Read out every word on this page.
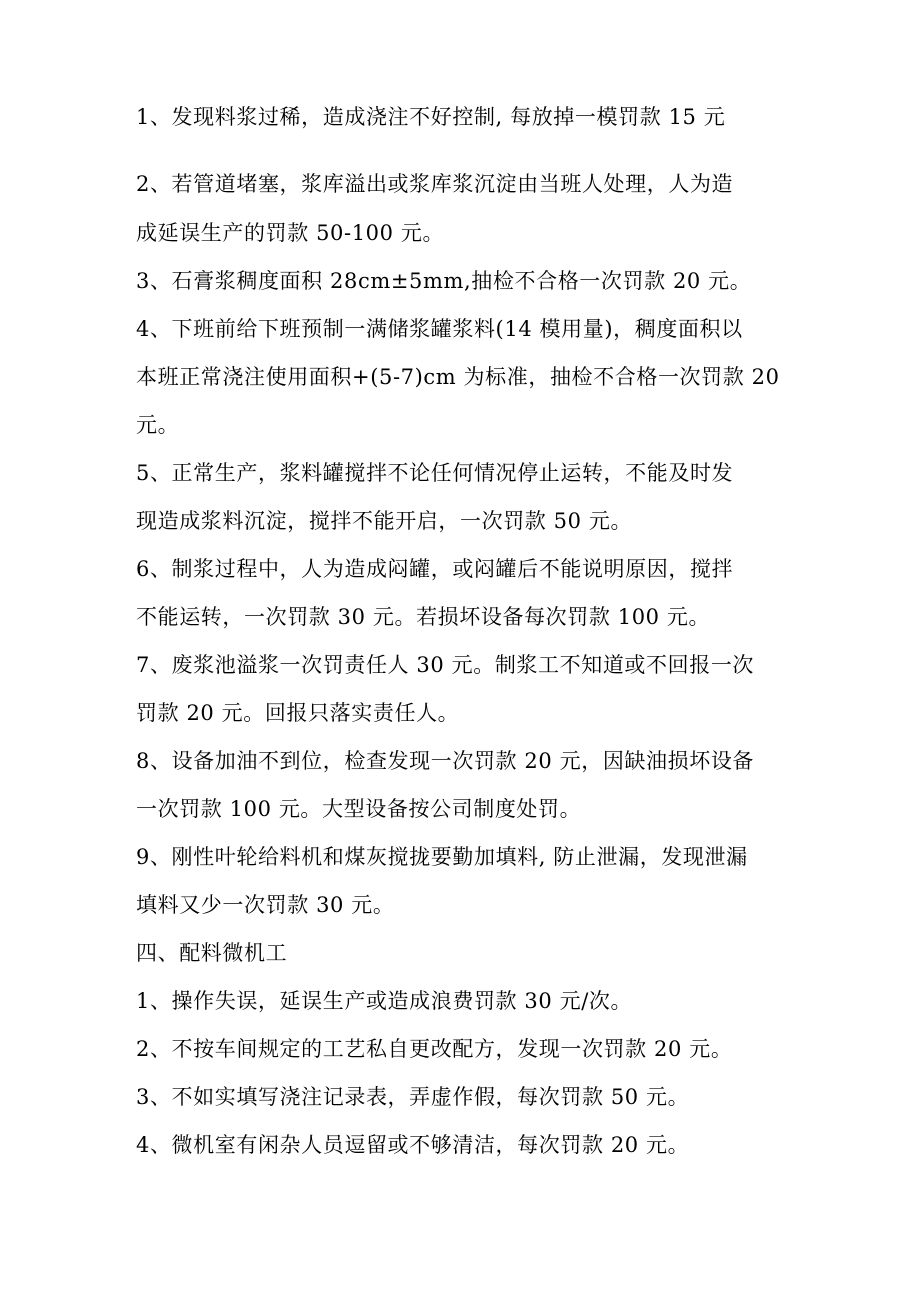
1、发现料浆过稀，造成浇注不好控制, 每放掉一模罚款 15 元
2、若管道堵塞，浆库溢出或浆库浆沉淀由当班人处理，人为造
成延误生产的罚款 50-100 元。
3、石膏浆稠度面积 28cm±5mm,抽检不合格一次罚款 20 元。
4、下班前给下班预制一满储浆罐浆料(14 模用量)，稠度面积以
本班正常浇注使用面积+(5-7)cm 为标准，抽检不合格一次罚款 20
元。
5、正常生产，浆料罐搅拌不论任何情况停止运转，不能及时发
现造成浆料沉淀，搅拌不能开启，一次罚款 50 元。
6、制浆过程中，人为造成闷罐，或闷罐后不能说明原因，搅拌
不能运转，一次罚款 30 元。若损坏设备每次罚款 100 元。
7、废浆池溢浆一次罚责任人 30 元。制浆工不知道或不回报一次
罚款 20 元。回报只落实责任人。
8、设备加油不到位，检查发现一次罚款 20 元，因缺油损坏设备
一次罚款 100 元。大型设备按公司制度处罚。
9、刚性叶轮给料机和煤灰搅拢要勤加填料, 防止泄漏，发现泄漏
填料又少一次罚款 30 元。
四、配料微机工
1、操作失误，延误生产或造成浪费罚款 30 元/次。
2、不按车间规定的工艺私自更改配方，发现一次罚款 20 元。
3、不如实填写浇注记录表，弄虚作假，每次罚款 50 元。
4、微机室有闲杂人员逗留或不够清洁，每次罚款 20 元。
